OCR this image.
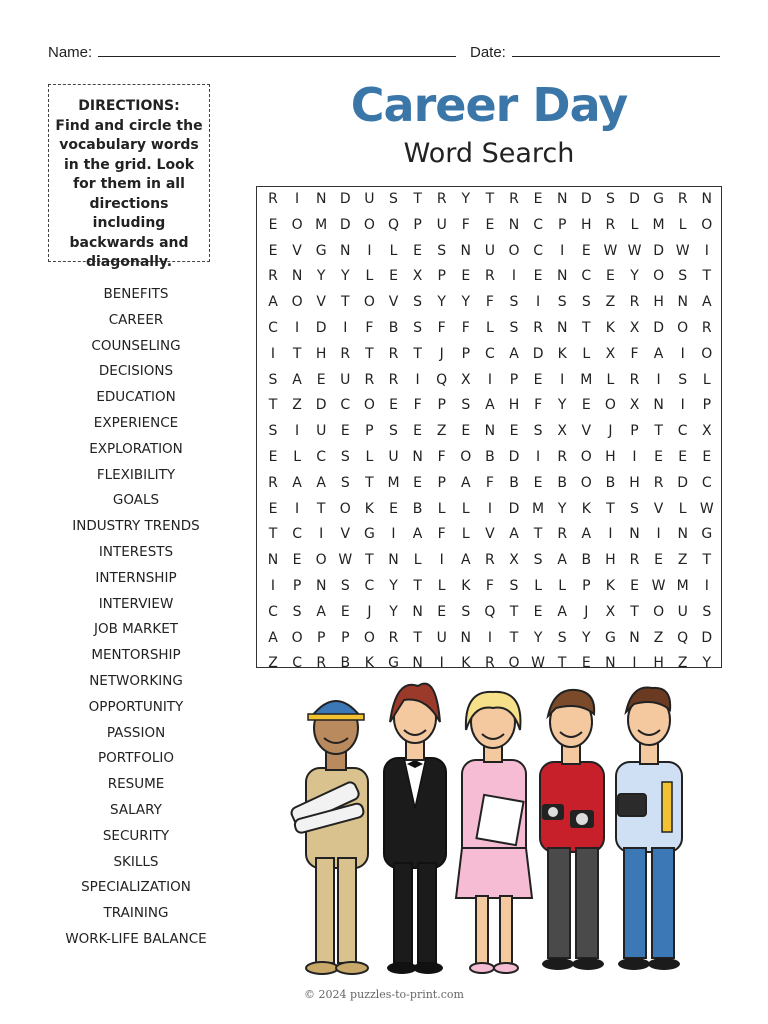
Name:	Date:
DIRECTIONS:
Find and circle the vocabulary words in the grid. Look for them in all directions including backwards and diagonally.
Career Day
Word Search
R	I	N D U	S	T	R	Y	T	R	E	N D	S	D G R	N
E	O M D O Q	P	U	F	E	N C	P	H R	L	M	L	O
E	V G N	I	L	E	S	N U O C	I	E W W D W	I
R N	Y	Y	L	E	X	P	E	R	I	E	N C	E	Y	O	S	T
A O V	T	O V	S	Y	Y	F	S	I	S	S	Z	R H N	A
C	I	D	I	F	B	S	F	F	L	S	R N	T	K	X D O R
I	T	H R	T	R	T	J	P	C	A D	K	L	X	F	A	I	O
S	A	E	U	R	R	I	Q X	I	P	E	I	M	L	R	I	S	L
T	Z D C O	E	F	P	S	A	H	F	Y	E	O X	N	I	P
S	I	U	E	P	S	E	Z	E	N	E	S	X	V	J	P	T	C	X
E	L	C	S	L	U N	F	O B D	I	R O H	I	E	E	E
R	A	A	S	T M E	P	A	F	B	E	B O B	H R D C
E	I	T	O K	E	B	L	L	I	D M Y	K	T	S	V	L W
T	C	I	V G	I	A	F	L	V	A	T	R	A	I	N	I	N G
N	E	O W T	N	L	I	A	R	X	S	A	B	H R	E	Z	T
I	P	N	S	C	Y	T	L	K	F	S	L	L	P	K	E W M	I
C	S	A	E	J	Y	N	E	S	Q	T	E	A	J	X	T	O U	S
A O	P	P	O R	T	U N	I	T	Y	S	Y	G N	Z Q D
Z	C	R	B	K	G N	I	K	R O W T	E	N	I	H	Z	Y
BENEFITS
CAREER
COUNSELING
DECISIONS
EDUCATION
EXPERIENCE
EXPLORATION
FLEXIBILITY
GOALS
INDUSTRY TRENDS
INTERESTS
INTERNSHIP
INTERVIEW
JOB MARKET
MENTORSHIP
NETWORKING
OPPORTUNITY
PASSION
PORTFOLIO
RESUME
SALARY
SECURITY
SKILLS
SPECIALIZATION
TRAINING
WORK-LIFE BALANCE
© 2024 puzzles-to-print.com
